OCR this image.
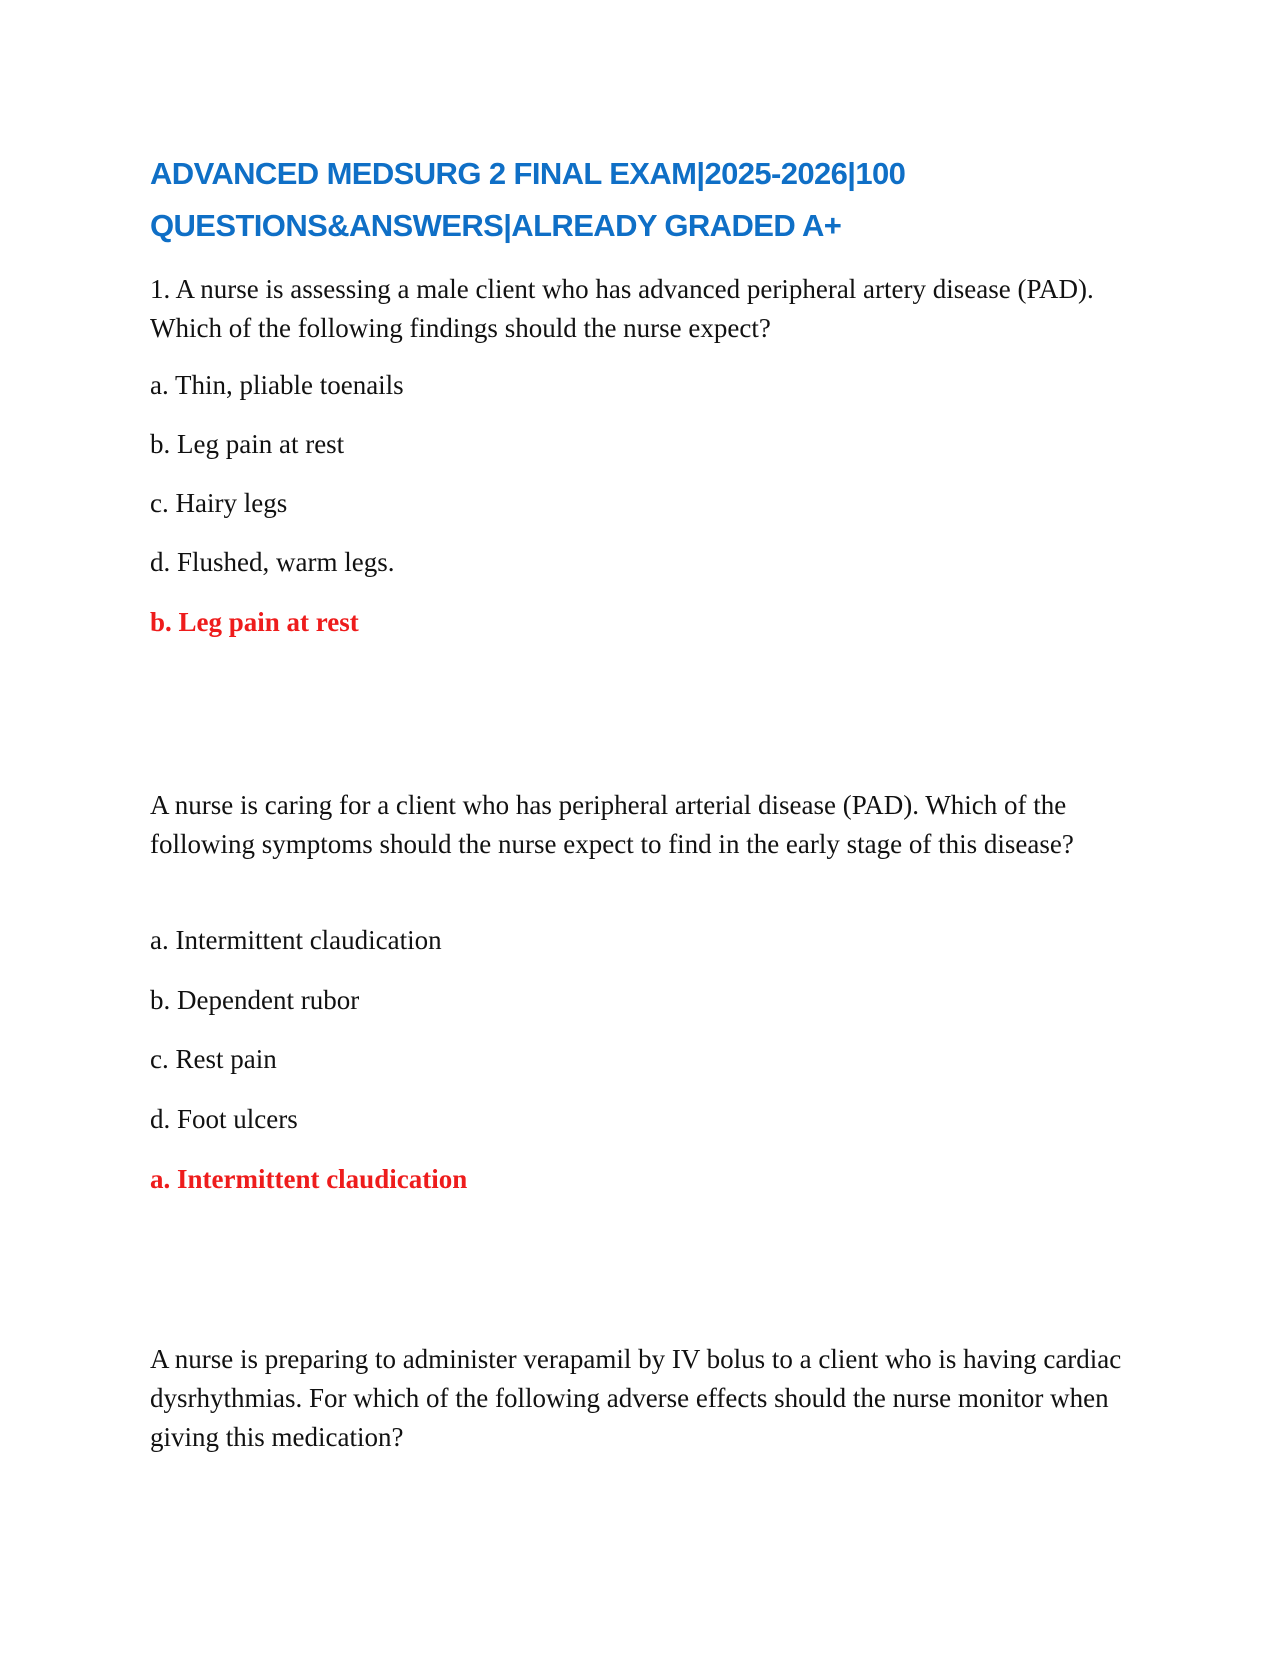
ADVANCED MEDSURG 2 FINAL EXAM|2025-2026|100 QUESTIONS&ANSWERS|ALREADY GRADED A+

1. A nurse is assessing a male client who has advanced peripheral artery disease (PAD). Which of the following findings should the nurse expect?

a. Thin, pliable toenails

b. Leg pain at rest

c. Hairy legs

d. Flushed, warm legs.

b. Leg pain at rest

A nurse is caring for a client who has peripheral arterial disease (PAD). Which of the following symptoms should the nurse expect to find in the early stage of this disease?

a. Intermittent claudication

b. Dependent rubor

c. Rest pain

d. Foot ulcers

a. Intermittent claudication

A nurse is preparing to administer verapamil by IV bolus to a client who is having cardiac dysrhythmias. For which of the following adverse effects should the nurse monitor when giving this medication?
